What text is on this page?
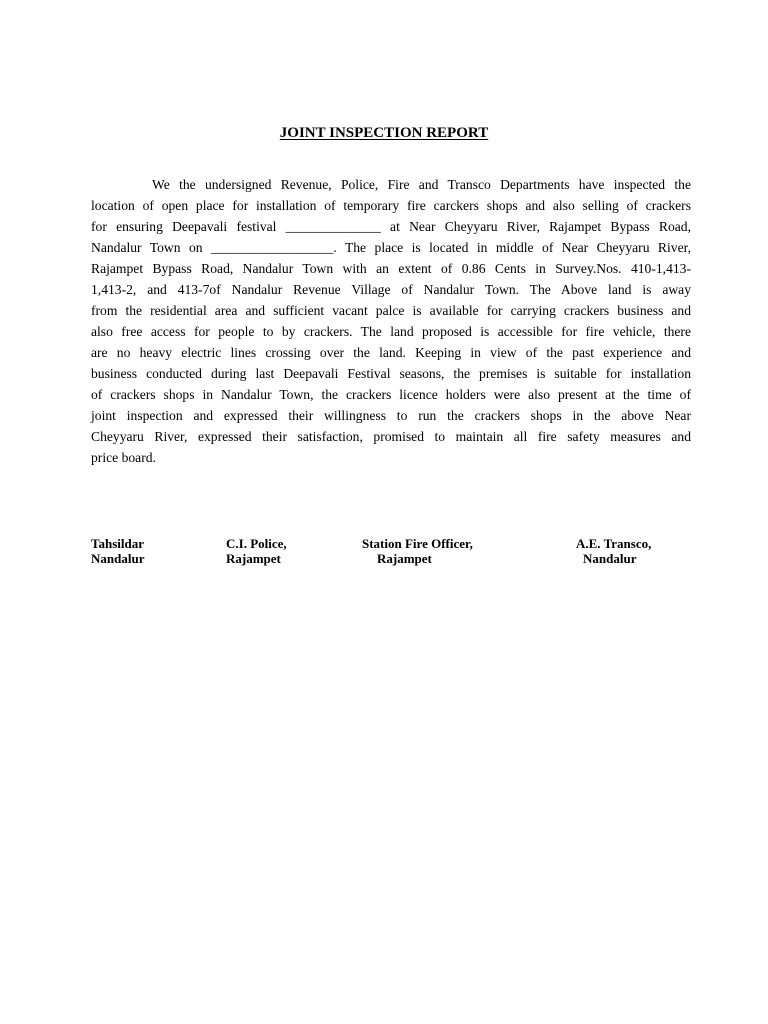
JOINT INSPECTION REPORT
We the undersigned Revenue, Police, Fire and Transco Departments have inspected the
location of open place for installation of temporary fire carckers shops and also selling of crackers
for ensuring Deepavali festival ______________ at Near Cheyyaru River, Rajampet Bypass Road,
Nandalur Town on __________________. The place is located in middle of Near Cheyyaru River,
Rajampet Bypass Road, Nandalur Town with an extent of 0.86 Cents in Survey.Nos. 410-1,413-
1,413-2, and 413-7of Nandalur Revenue Village of Nandalur Town. The Above land is away
from the residential area and sufficient vacant palce is available for carrying crackers business and
also free access for people to by crackers. The land proposed is accessible for fire vehicle, there
are no heavy electric lines crossing over the land. Keeping in view of the past experience and
business conducted during last Deepavali Festival seasons, the premises is suitable for installation
of crackers shops in Nandalur Town, the crackers licence holders were also present at the time of
joint inspection and expressed their willingness to run the crackers shops in the above Near
Cheyyaru River, expressed their satisfaction, promised to maintain all fire safety measures and
price board.
Tahsildar
Nandalur
C.I. Police,
Rajampet
Station Fire Officer,
Rajampet
A.E. Transco,
Nandalur
